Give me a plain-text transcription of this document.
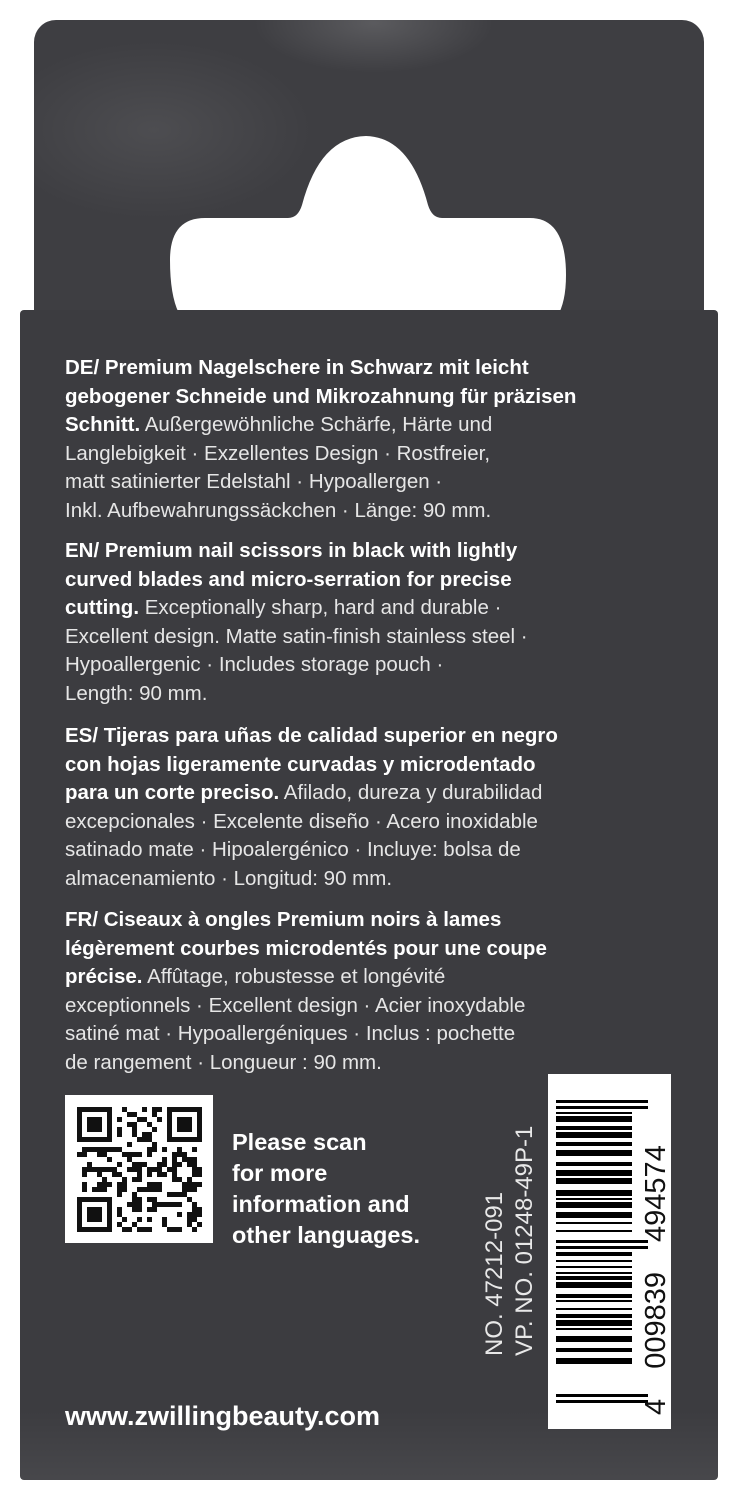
DE/ Premium Nagelschere in Schwarz mit leicht
gebogener Schneide und Mikrozahnung für präzisen
Schnitt. Außergewöhnliche Schärfe, Härte und
Langlebigkeit · Exzellentes Design · Rostfreier,
matt satinierter Edelstahl · Hypoallergen ·
Inkl. Aufbewahrungssäckchen · Länge: 90 mm.
EN/ Premium nail scissors in black with lightly
curved blades and micro-serration for precise
cutting. Exceptionally sharp, hard and durable ·
Excellent design. Matte satin-finish stainless steel ·
Hypoallergenic · Includes storage pouch ·
Length: 90 mm.
ES/ Tijeras para uñas de calidad superior en negro
con hojas ligeramente curvadas y microdentado
para un corte preciso. Afilado, dureza y durabilidad
excepcionales · Excelente diseño · Acero inoxidable
satinado mate · Hipoalergénico · Incluye: bolsa de
almacenamiento · Longitud: 90 mm.
FR/ Ciseaux à ongles Premium noirs à lames
légèrement courbes microdentés pour une coupe
précise. Affûtage, robustesse et longévité
exceptionnels · Excellent design · Acier inoxydable
satiné mat · Hypoallergéniques · Inclus : pochette
de rangement · Longueur : 90 mm.
Please scan
for more
information and
other languages.
www.zwillingbeauty.com
NO. 47212-091 VP. NO. 01248-49P-1
4 009839 494574
